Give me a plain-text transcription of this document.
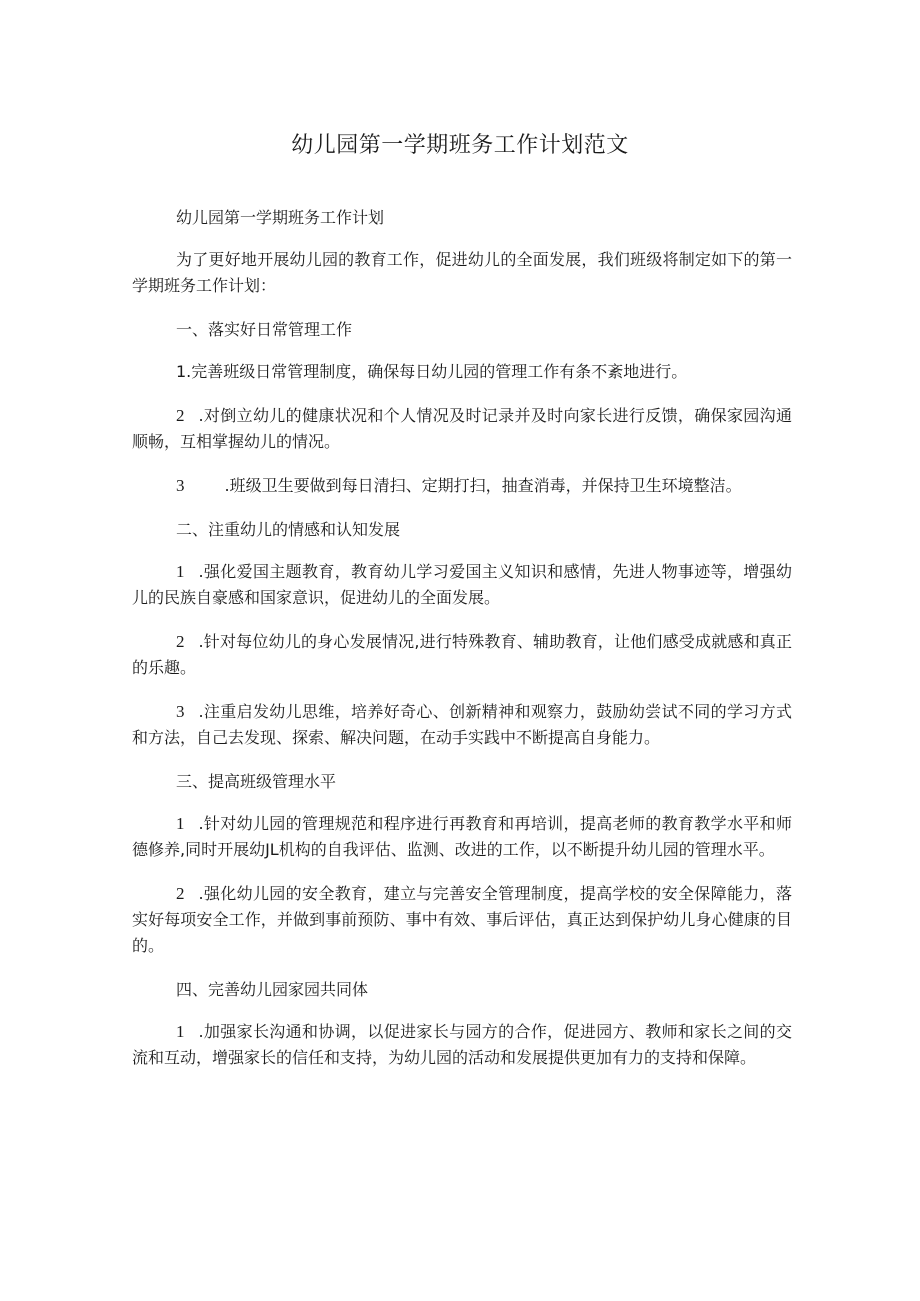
幼儿园第一学期班务工作计划范文

幼儿园第一学期班务工作计划

为了更好地开展幼儿园的教育工作，促进幼儿的全面发展，我们班级将制定如下的第一学期班务工作计划：

一、落实好日常管理工作

1.完善班级日常管理制度，确保每日幼儿园的管理工作有条不紊地进行。

2 .对倒立幼儿的健康状况和个人情况及时记录并及时向家长进行反馈，确保家园沟通顺畅，互相掌握幼儿的情况。

3	.班级卫生要做到每日清扫、定期打扫，抽查消毒，并保持卫生环境整洁。

二、注重幼儿的情感和认知发展

1 .强化爱国主题教育，教育幼儿学习爱国主义知识和感情，先进人物事迹等，增强幼儿的民族自豪感和国家意识，促进幼儿的全面发展。

2 .针对每位幼儿的身心发展情况,进行特殊教育、辅助教育，让他们感受成就感和真正的乐趣。

3 .注重启发幼儿思维，培养好奇心、创新精神和观察力，鼓励幼尝试不同的学习方式和方法，自己去发现、探索、解决问题，在动手实践中不断提高自身能力。

三、提高班级管理水平

1 .针对幼儿园的管理规范和程序进行再教育和再培训，提高老师的教育教学水平和师德修养,同时开展幼JL机构的自我评估、监测、改进的工作，以不断提升幼儿园的管理水平。

2 .强化幼儿园的安全教育，建立与完善安全管理制度，提高学校的安全保障能力，落实好每项安全工作，并做到事前预防、事中有效、事后评估，真正达到保护幼儿身心健康的目的。

四、完善幼儿园家园共同体

1 .加强家长沟通和协调，以促进家长与园方的合作，促进园方、教师和家长之间的交流和互动，增强家长的信任和支持，为幼儿园的活动和发展提供更加有力的支持和保障。
